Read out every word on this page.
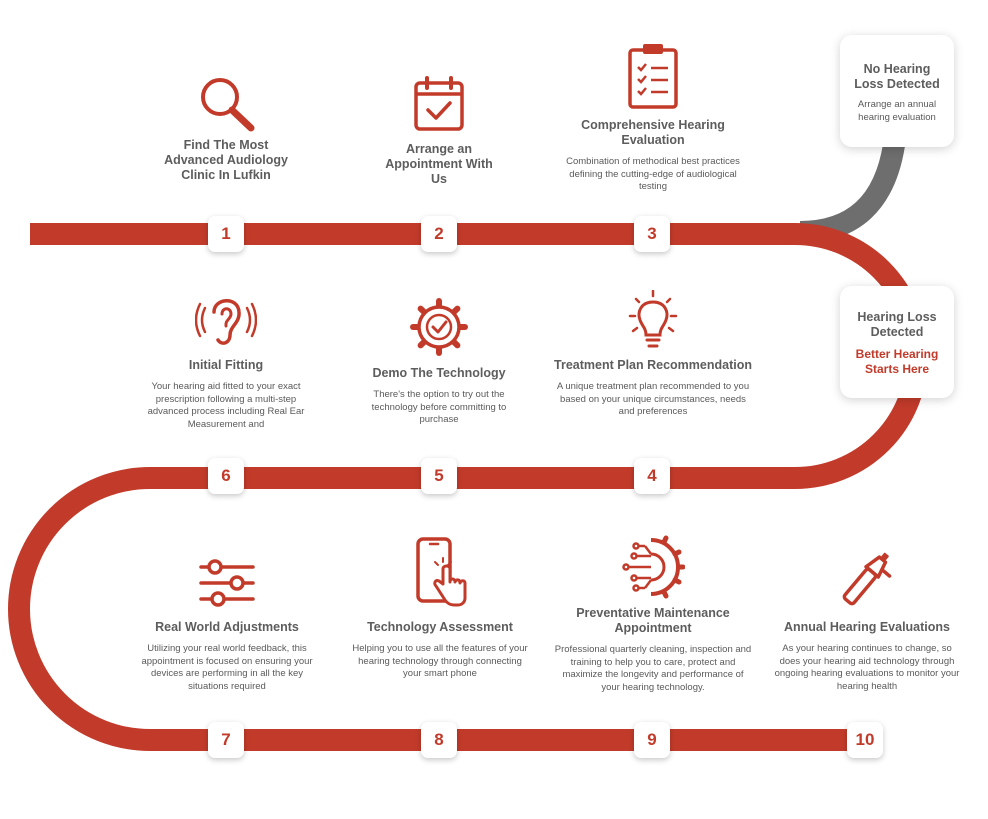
1	2	3
4
5
6
7	8	9	10
Find The Most Advanced Audiology Clinic In Lufkin
Arrange an Appointment With Us
Comprehensive Hearing Evaluation
Combination of methodical best practices defining the cutting-edge of audiological testing
Initial Fitting
Your hearing aid fitted to your exact prescription following a multi-step advanced process including Real Ear Measurement and
Demo The Technology
There's the option to try out the technology before committing to purchase
Treatment Plan Recommendation
A unique treatment plan recommended to you based on your unique circumstances, needs and preferences
Real World Adjustments
Utilizing your real world feedback, this appointment is focused on ensuring your devices are performing in all the key situations required
Technology Assessment
Helping you to use all the features of your hearing technology through connecting your smart phone
Preventative Maintenance Appointment
Professional quarterly cleaning, inspection and training to help you to care, protect and maximize the longevity and performance of your hearing technology.
Annual Hearing Evaluations
As your hearing continues to change, so does your hearing aid technology through ongoing hearing evaluations to monitor your hearing health
No Hearing Loss Detected
Arrange an annual hearing evaluation
Hearing Loss Detected
Better Hearing Starts Here
